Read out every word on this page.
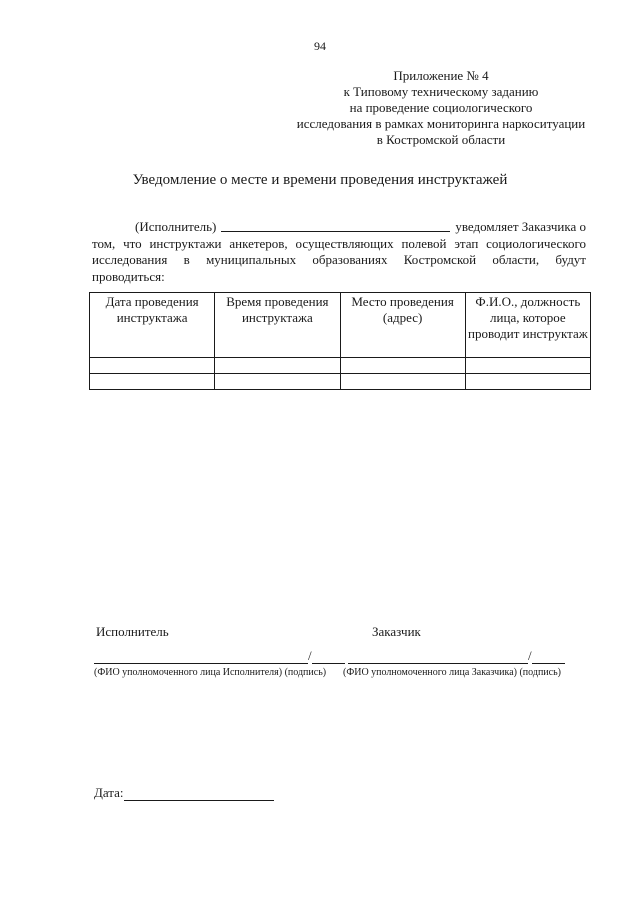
94
Приложение № 4
к Типовому техническому заданию
на проведение социологического
исследования в рамках мониторинга наркоситуации
в Костромской области
Уведомление о месте и времени проведения инструктажей
(Исполнитель)	уведомляет Заказчика о
том, что инструктажи анкетеров, осуществляющих полевой этап социологического
исследования в муниципальных образованиях Костромской области, будут
проводиться:
Дата проведения инструктажа	Время проведения инструктажа	Место проведения (адрес)	Ф.И.О., должность лица, которое проводит инструктаж

Исполнитель	Заказчик
/	/
(ФИО уполномоченного лица Исполнителя) (подпись) (ФИО уполномоченного лица Заказчика) (подпись)
Дата:
